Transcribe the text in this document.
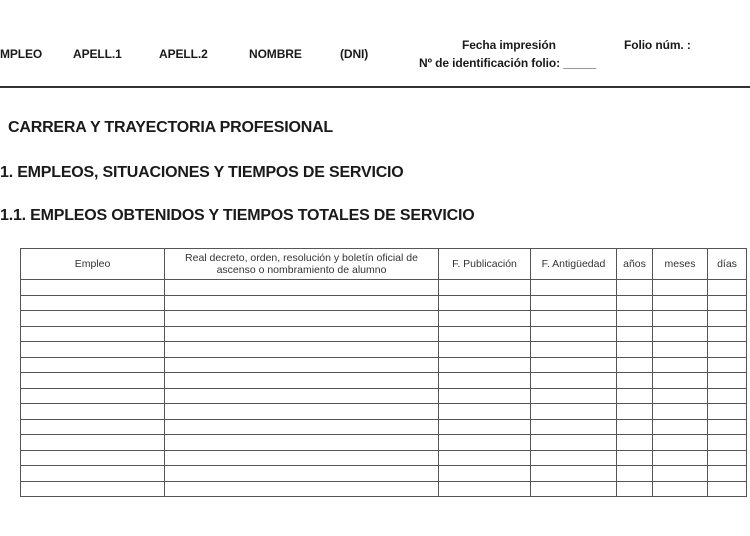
MPLEO	APELL.1	APELL.2	NOMBRE	(DNI)
Fecha impresión
Nº de identificación folio: _____
Folio núm. :
CARRERA Y TRAYECTORIA PROFESIONAL
1. EMPLEOS, SITUACIONES Y TIEMPOS DE SERVICIO
1.1. EMPLEOS OBTENIDOS Y TIEMPOS TOTALES DE SERVICIO
Empleo	Real decreto, orden, resolución y boletín oficial de ascenso o nombramiento de alumno	F. Publicación	F. Antigüedad	años	meses	días
